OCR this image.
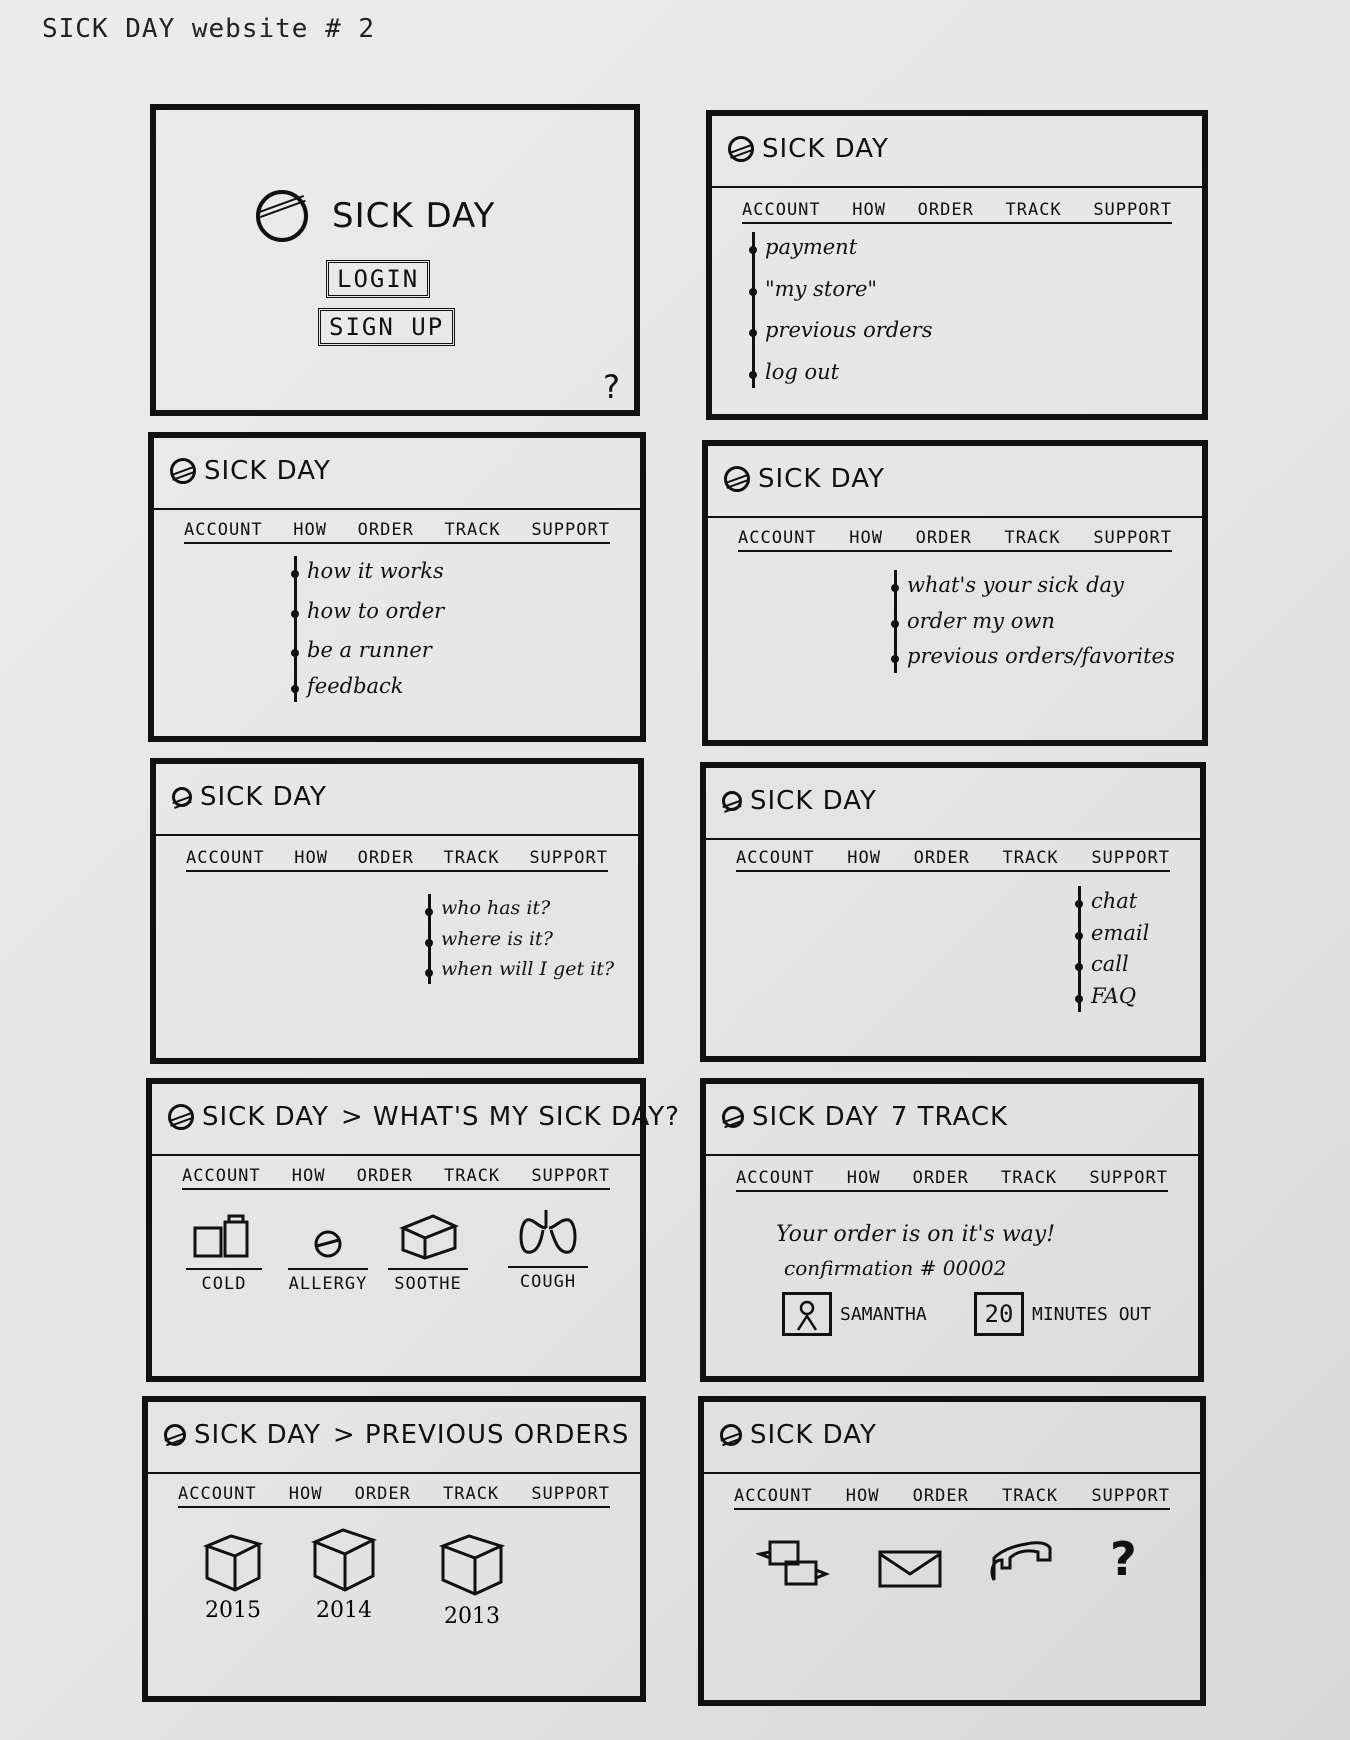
SICK DAY website # 2
SICK DAY
LOGIN
SIGN UP
?
SICK DAY
ACCOUNT HOW ORDER TRACK SUPPORT
payment
"my store"
previous orders
log out
SICK DAY
ACCOUNT HOW ORDER TRACK SUPPORT
how it works
how to order
be a runner
feedback
SICK DAY
ACCOUNT HOW ORDER TRACK SUPPORT
what's your sick day
order my own
previous orders/favorites
SICK DAY
ACCOUNT HOW ORDER TRACK SUPPORT
who has it?
where is it?
when will I get it?
SICK DAY
ACCOUNT HOW ORDER TRACK SUPPORT
chat
email
call
FAQ
SICK DAY > WHAT'S MY SICK DAY?
ACCOUNT HOW ORDER TRACK SUPPORT
COLD	ALLERGY	SOOTHE	COUGH
SICK DAY 7 TRACK
ACCOUNT HOW ORDER TRACK SUPPORT
Your order is on it's way!
confirmation # 00002
SAMANTHA	20	MINUTES OUT
SICK DAY > PREVIOUS ORDERS
ACCOUNT HOW ORDER TRACK SUPPORT
2015	2014	2013
SICK DAY
ACCOUNT HOW ORDER TRACK SUPPORT
?
